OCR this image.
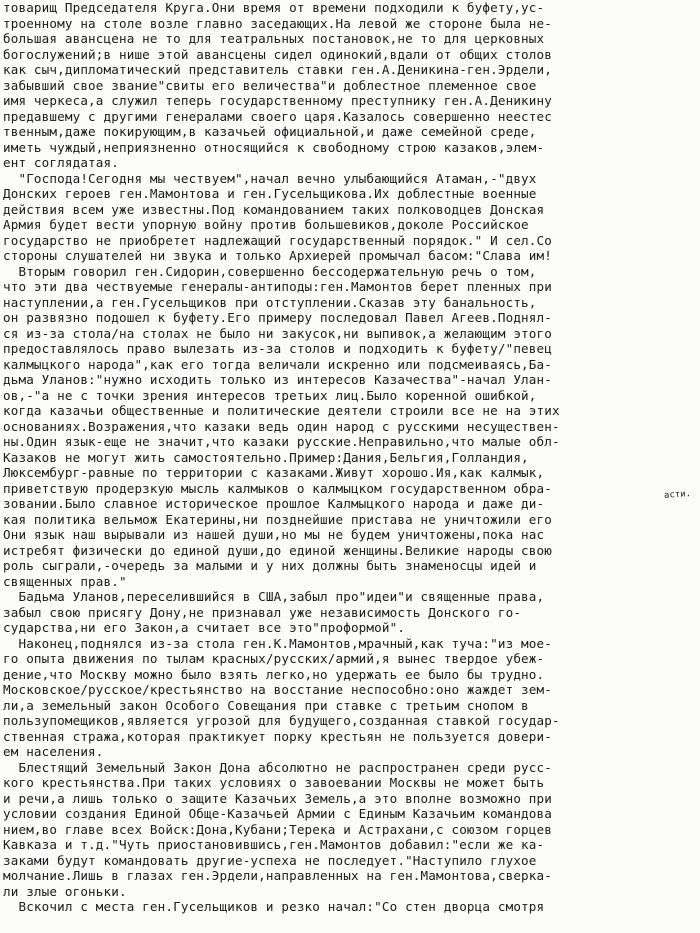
товарищ Председателя Круга.Они время от времени подходили к буфету,ус-
троенному на столе возле главно заседающих.На левой же стороне была не-
большая авансцена не то для театральных постановок,не то для церковных
богослужений;в нише этой авансцены сидел одинокий,вдали от общих столов
как сыч,дипломатический представитель ставки ген.А.Деникина-ген.Эрдели,
забывший свое звание"свиты его величества"и доблестное племенное свое
имя черкеса,а служил теперь государственному преступнику ген.А.Деникину
предавшему с другими генералами своего царя.Казалось совершенно неестес
твенным,даже покирующим,в казачьей официальной,и даже семейной среде,
иметь чуждый,неприязненно относящийся к свободному строю казаков,элем-
ент соглядатая.
"Господа!Сегодня мы чествуем",начал вечно улыбающийся Атаман,-"двух
Донских героев ген.Мамонтова и ген.Гусельщикова.Их доблестные военные
действия всем уже известны.Под командованием таких полководцев Донская
Армия будет вести упорную войну против большевиков,доколе Российское
государство не приобретет надлежащий государственный порядок." И сел.Со
стороны слушателей ни звука и только Архиерей промычал басом:"Слава им!
Вторым говорил ген.Сидорин,совершенно бессодержательную речь о том,
что эти два чествуемые генералы-антиподы:ген.Мамонтов берет пленных при
наступлении,а ген.Гусельщиков при отступлении.Сказав эту банальность,
он развязно подошел к буфету.Его примеру последовал Павел Агеев.Поднял-
ся из-за стола/на столах не было ни закусок,ни выпивок,а желающим этого
предоставлялось право вылезать из-за столов и подходить к буфету/"певец
калмыцкого народа",как его тогда величали искренно или подсмеиваясь,Ба-
дьма Уланов:"нужно исходить только из интересов Казачества"-начал Улан-
ов,-"а не с точки зрения интересов третьих лиц.Было коренной ошибкой,
когда казачьи общественные и политические деятели строили все не на этих
основаниях.Возражения,что казаки ведь один народ с русскими несуществен-
ны.Один язык-еще не значит,что казаки русские.Неправильно,что малые обл-
Казаков не могут жить самостоятельно.Пример:Дания,Бельгия,Голландия,
Люксембург-равные по территории с казаками.Живут хорошо.Ия,как калмык,
приветствую продерзкую мысль калмыков о калмыцком государственном обра-
зовании.Было славное историческое прошлое Калмыцкого народа и даже ди-
кая политика вельмож Екатерины,ни позднейшие пристава не уничтожили его
Они язык наш вырывали из нашей души,но мы не будем уничтожены,пока нас
истребят физически до единой души,до единой женщины.Великие народы свою
роль сыграли,-очередь за малыми и у них должны быть знаменосцы идей и
священных прав."
Бадьма Уланов,переселившийся в США,забыл про"идеи"и священные права,
забыл свою присягу Дону,не признавал уже независимость Донского го-
сударства,ни его Закон,а считает все это"проформой".
Наконец,поднялся из-за стола ген.К.Мамонтов,мрачный,как туча:"из мое-
го опыта движения по тылам красных/русских/армий,я вынес твердое убеж-
дение,что Москву можно было взять легко,но удержать ее было бы трудно.
Московское/русское/крестьянство на восстание неспособно:оно жаждет зем-
ли,а земельный закон Особого Совещания при ставке с третьим снопом в
пользупомещиков,является угрозой для будущего,созданная ставкой государ-
ственная стража,которая практикует порку крестьян не пользуется довери-
ем населения.
Блестящий Земельный Закон Дона абсолютно не распространен среди русс-
кого крестьянства.При таких условиях о завоевании Москвы не может быть
и речи,а лишь только о защите Казачьих Земель,а это вполне возможно при
условии создания Единой Обще-Казачьей Армии с Единым Казачьим командова
нием,во главе всех Войск:Дона,Кубани;Терека и Астрахани,с союзом горцев
Кавказа и т.д."Чуть приостановившись,ген.Мамонтов добавил:"если же ка-
заками будут командовать другие-успеха не последует."Наступило глухое
молчание.Лишь в глазах ген.Эрдели,направленных на ген.Мамонтова,сверка-
ли злые огоньки.
Вскочил с места ген.Гусельщиков и резко начал:"Со стен дворца смотря
асти.
